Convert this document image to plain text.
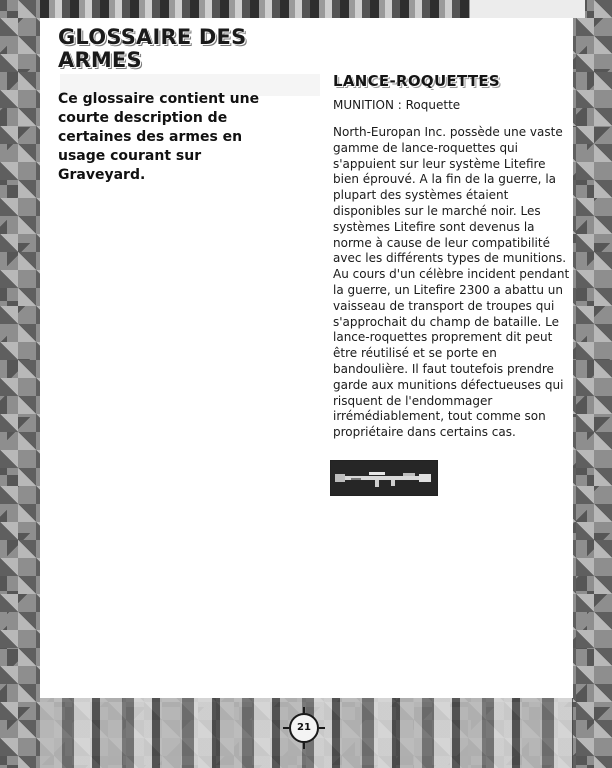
GLOSSAIRE DES ARMES

Ce glossaire contient une courte description de certaines des armes en usage courant sur Graveyard.

LANCE-ROQUETTES

MUNITION : Roquette

North-Europan Inc. possède une vaste gamme de lance-roquettes qui s'appuient sur leur système Litefire bien éprouvé. A la fin de la guerre, la plupart des systèmes étaient disponibles sur le marché noir. Les systèmes Litefire sont devenus la norme à cause de leur compatibilité avec les différents types de munitions. Au cours d'un célèbre incident pendant la guerre, un Litefire 2300 a abattu un vaisseau de transport de troupes qui s'approchait du champ de bataille. Le lance-roquettes proprement dit peut être réutilisé et se porte en bandoulière. Il faut toutefois prendre garde aux munitions défectueuses qui risquent de l'endommager irrémédiablement, tout comme son propriétaire dans certains cas.

21
